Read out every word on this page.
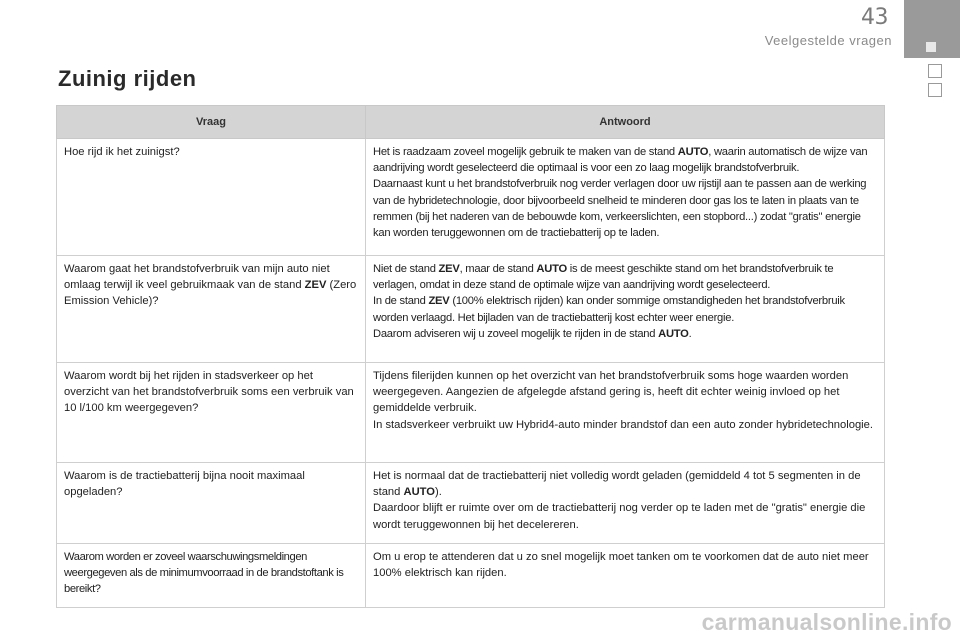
43
Veelgestelde vragen
Zuinig rijden
Vraag	Antwoord
Hoe rijd ik het zuinigst?	Het is raadzaam zoveel mogelijk gebruik te maken van de stand AUTO, waarin automatisch de wijze van aandrijving wordt geselecteerd die optimaal is voor een zo laag mogelijk brandstofverbruik.

Daarnaast kunt u het brandstofverbruik nog verder verlagen door uw rijstijl aan te passen aan de werking van de hybridetechnologie, door bijvoorbeeld snelheid te minderen door gas los te laten in plaats van te remmen (bij het naderen van de bebouwde kom, verkeerslichten, een stopbord...) zodat "gratis" energie kan worden teruggewonnen om de tractiebatterij op te laden.

Waarom gaat het brandstofverbruik van mijn auto niet omlaag terwijl ik veel gebruikmaak van de stand ZEV (Zero Emission Vehicle)?	Niet de stand ZEV, maar de stand AUTO is de meest geschikte stand om het brandstofverbruik te verlagen, omdat in deze stand de optimale wijze van aandrijving wordt geselecteerd.

In de stand ZEV (100% elektrisch rijden) kan onder sommige omstandigheden het brandstofverbruik worden verlaagd. Het bijladen van de tractiebatterij kost echter weer energie.

Daarom adviseren wij u zoveel mogelijk te rijden in de stand AUTO.

Waarom wordt bij het rijden in stadsverkeer op het overzicht van het brandstofverbruik soms een verbruik van 10 l/100 km weergegeven?	Tijdens filerijden kunnen op het overzicht van het brandstofverbruik soms hoge waarden worden weergegeven. Aangezien de afgelegde afstand gering is, heeft dit echter weinig invloed op het gemiddelde verbruik.

In stadsverkeer verbruikt uw Hybrid4-auto minder brandstof dan een auto zonder hybridetechnologie.

Waarom is de tractiebatterij bijna nooit maximaal opgeladen?	Het is normaal dat de tractiebatterij niet volledig wordt geladen (gemiddeld 4 tot 5 segmenten in de stand AUTO).

Daardoor blijft er ruimte over om de tractiebatterij nog verder op te laden met de "gratis" energie die wordt teruggewonnen bij het decelereren.

Waarom worden er zoveel waarschuwingsmeldingen weergegeven als de minimumvoorraad in de brandstoftank is bereikt?	Om u erop te attenderen dat u zo snel mogelijk moet tanken om te voorkomen dat de auto niet meer 100% elektrisch kan rijden.

carmanualsonline.info
